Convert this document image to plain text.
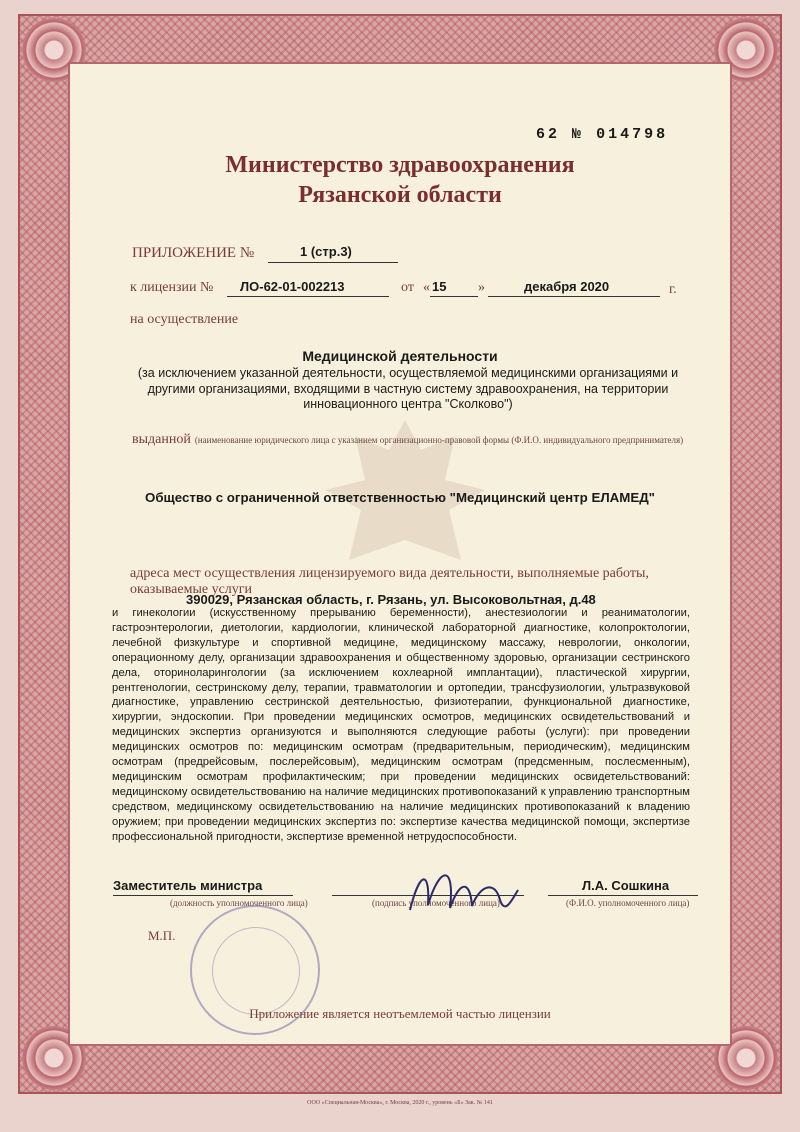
62 № 014798
Министерство здравоохранения
Рязанской области
ПРИЛОЖЕНИЕ №	1 (стр.3)
к лицензии № ЛО-62-01-002213	от « 15 »	декабря 2020	г.
на осуществление
Медицинской деятельности
(за исключением указанной деятельности, осуществляемой медицинскими организациями и другими организациями, входящими в частную систему здравоохранения, на территории инновационного центра "Сколково")
выданной (наименование юридического лица с указанием организационно-правовой формы (Ф.И.О. индивидуального предпринимателя)
Общество с ограниченной ответственностью "Медицинский центр ЕЛАМЕД"
адреса мест осуществления лицензируемого вида деятельности, выполняемые работы, оказываемые услуги
390029, Рязанская область, г. Рязань, ул. Высоковольтная, д.48
и гинекологии (искусственному прерыванию беременности), анестезиологии и реаниматологии, гастроэнтерологии, диетологии, кардиологии, клинической лабораторной диагностике, колопроктологии, лечебной физкультуре и спортивной медицине, медицинскому массажу, неврологии, онкологии, операционному делу, организации здравоохранения и общественному здоровью, организации сестринского дела, оториноларингологии (за исключением кохлеарной имплантации), пластической хирургии, рентгенологии, сестринскому делу, терапии, травматологии и ортопедии, трансфузиологии, ультразвуковой диагностике, управлению сестринской деятельностью, физиотерапии, функциональной диагностике, хирургии, эндоскопии. При проведении медицинских осмотров, медицинских освидетельствований и медицинских экспертиз организуются и выполняются следующие работы (услуги): при проведении медицинских осмотров по: медицинским осмотрам (предварительным, периодическим), медицинским осмотрам (предрейсовым, послерейсовым), медицинским осмотрам (предсменным, послесменным), медицинским осмотрам профилактическим; при проведении медицинских освидетельствований: медицинскому освидетельствованию на наличие медицинских противопоказаний к управлению транспортным средством, медицинскому освидетельствованию на наличие медицинских противопоказаний к владению оружием; при проведении медицинских экспертиз по: экспертизе качества медицинской помощи, экспертизе профессиональной пригодности, экспертизе временной нетрудоспособности.
Заместитель министра	Л.А. Сошкина
(должность уполномоченного лица)	(подпись уполномоченного лица)	(Ф.И.О. уполномоченного лица)
М.П.
Приложение является неотъемлемой частью лицензии
ООО «Специальная-Москва», г. Москва, 2020 г., уровень «Б» Зак. № 141
